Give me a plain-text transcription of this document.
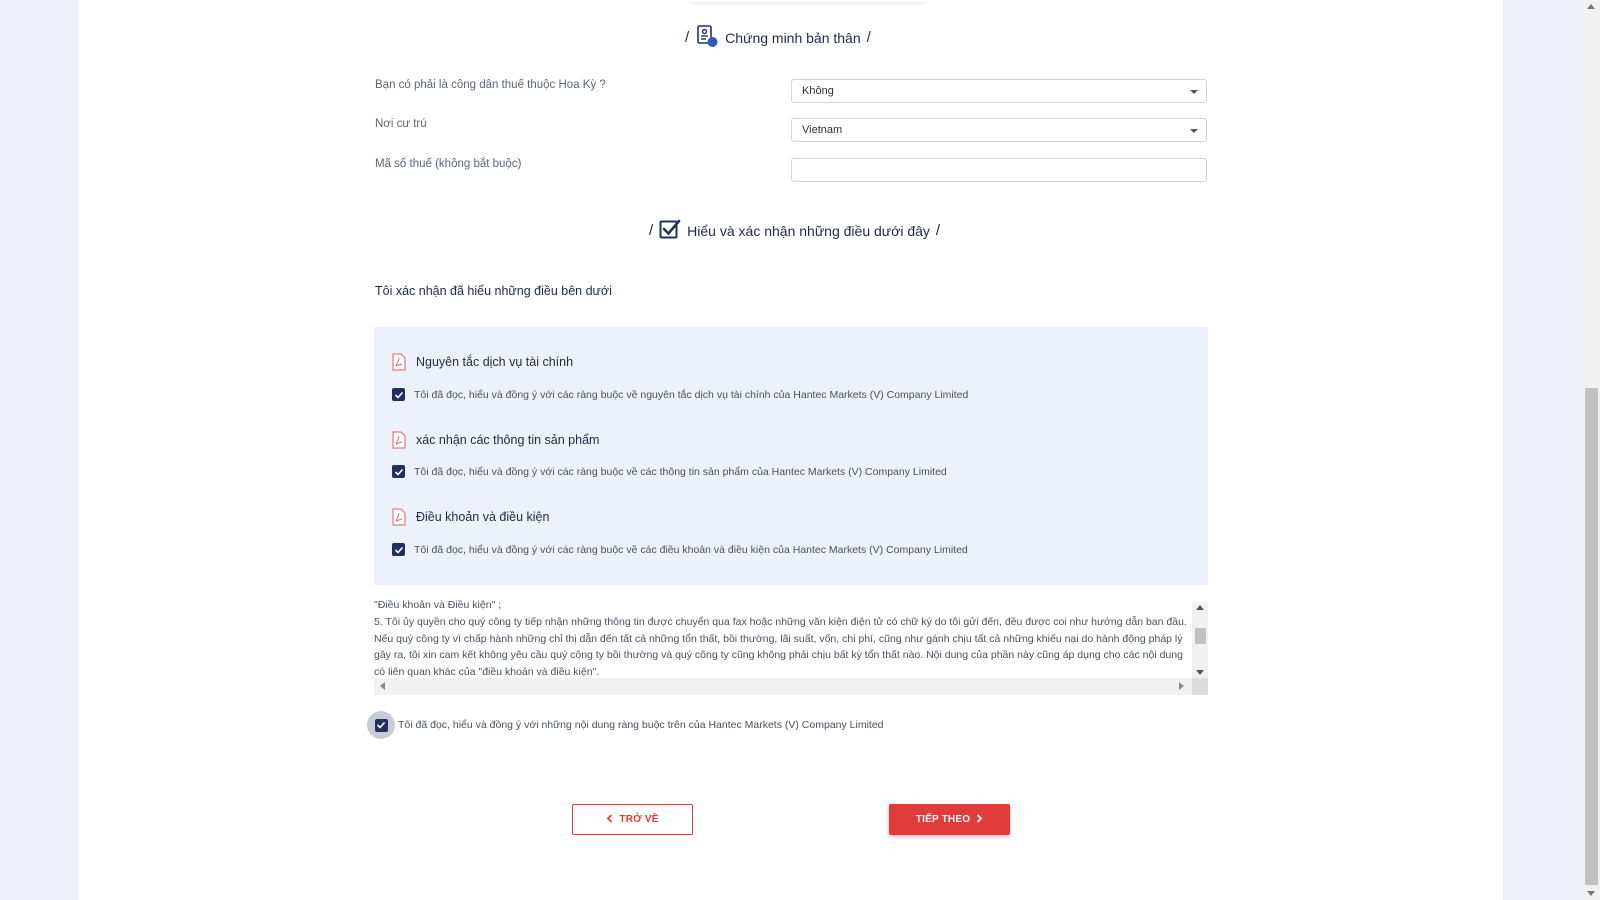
/	Chứng minh bản thân /
Bạn có phải là công dân thuế thuộc Hoa Kỳ ?	Không
Nơi cư trú	Vietnam
Mã số thuế (không bắt buộc)
/ Hiểu và xác nhận những điều dưới đây /
Tôi xác nhận đã hiểu những điều bên dưới
Nguyên tắc dịch vụ tài chính
Tôi đã đọc, hiểu và đồng ý với các ràng buộc về nguyên tắc dịch vụ tài chính của Hantec Markets (V) Company Limited
xác nhận các thông tin sản phẩm
Tôi đã đọc, hiểu và đồng ý với các ràng buộc về các thông tin sản phẩm của Hantec Markets (V) Company Limited
Điều khoản và điều kiện
Tôi đã đọc, hiểu và đồng ý với các ràng buộc về các điều khoản và điều kiện của Hantec Markets (V) Company Limited
"Điều khoản và Điều kiện" ;
5. Tôi ủy quyền cho quý công ty tiếp nhận những thông tin được chuyển qua fax hoặc những văn kiện điện tử có chữ ký do tôi gửi đến, đều được coi như hướng dẫn ban đầu. Nếu quý công ty vì chấp hành những chỉ thị dẫn đến tất cả những tổn thất, bồi thường, lãi suất, vốn, chi phí, cũng như gánh chịu tất cả những khiếu nại do hành động pháp lý gây ra, tôi xin cam kết không yêu cầu quý công ty bồi thường và quý công ty cũng không phải chịu bất kỳ tổn thất nào. Nội dung của phần này cũng áp dụng cho các nội dung có liên quan khác của "điều khoản và điều kiện".
Tôi đã đọc, hiểu và đồng ý với những nội dung ràng buộc trên của Hantec Markets (V) Company Limited
TRỞ VỀ	TIẾP THEO
